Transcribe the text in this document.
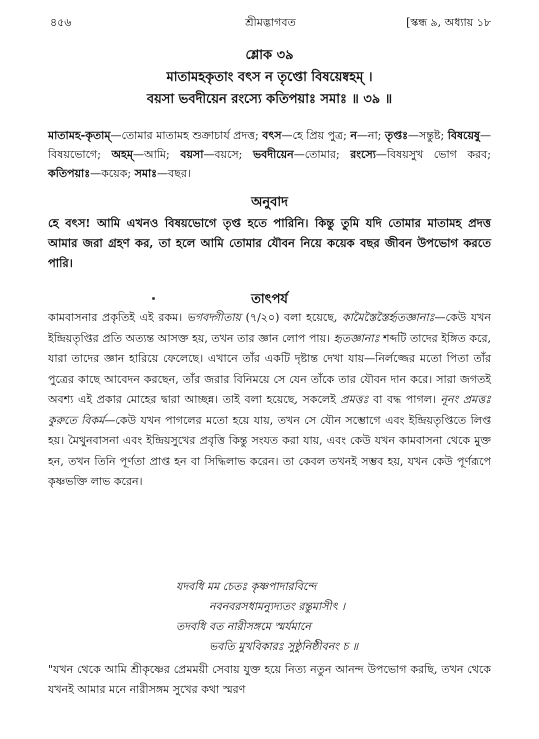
৪৫৬	শ্রীমদ্ভাগবত	[স্কন্ধ ৯, অধ্যায় ১৮
শ্লোক ৩৯
মাতামহকৃতাং বৎস ন তৃপ্তো বিষয়েষ্বহম্ ।
বয়সা ভবদীয়েন রংস্যে কতিপয়াঃ সমাঃ ॥ ৩৯ ॥
মাতামহ-কৃতাম্—তোমার মাতামহ শুক্রাচার্য প্রদত্ত; বৎস—হে প্রিয় পুত্র; ন—না; তৃপ্তঃ—সন্তুষ্ট; বিষয়েষু—বিষয়ভোগে; অহম্—আমি; বয়সা—বয়সে; ভবদীয়েন—তোমার; রংস্যে—বিষয়সুখ ভোগ করব; কতিপয়াঃ—কয়েক; সমাঃ—বছর।
অনুবাদ
হে বৎস! আমি এখনও বিষয়ভোগে তৃপ্ত হতে পারিনি। কিন্তু তুমি যদি তোমার মাতামহ প্রদত্ত আমার জরা গ্রহণ কর, তা হলে আমি তোমার যৌবন নিয়ে কয়েক বছর জীবন উপভোগ করতে পারি।
তাৎপর্য
কামবাসনার প্রকৃতিই এই রকম। ভগবদ্গীতায় (৭/২০) বলা হয়েছে, কামৈস্তৈস্তৈর্হৃতজ্ঞানাঃ—কেউ যখন ইন্দ্রিয়তৃপ্তির প্রতি অত্যন্ত আসক্ত হয়, তখন তার জ্ঞান লোপ পায়। হৃতজ্ঞানাঃ শব্দটি তাদের ইঙ্গিত করে, যারা তাদের জ্ঞান হারিয়ে ফেলেছে। এখানে তাঁর একটি দৃষ্টান্ত দেখা যায়—নির্লজ্জের মতো পিতা তাঁর পুত্রের কাছে আবেদন করছেন, তাঁর জরার বিনিময়ে সে যেন তাঁকে তার যৌবন দান করে। সারা জগতই অবশ্য এই প্রকার মোহের দ্বারা আচ্ছন্ন। তাই বলা হয়েছে, সকলেই প্রমত্তঃ বা বদ্ধ পাগল। নূনং প্রমত্তঃ কুরুতে বিকর্ম—কেউ যখন পাগলের মতো হয়ে যায়, তখন সে যৌন সম্ভোগে এবং ইন্দ্রিয়তৃপ্তিতে লিপ্ত হয়। মৈথুনবাসনা এবং ইন্দ্রিয়সুখের প্রবৃত্তি কিন্তু সংযত করা যায়, এবং কেউ যখন কামবাসনা থেকে মুক্ত হন, তখন তিনি পূর্ণতা প্রাপ্ত হন বা সিদ্ধিলাভ করেন। তা কেবল তখনই সম্ভব হয়, যখন কেউ পূর্ণরূপে কৃষ্ণভক্তি লাভ করেন।
যদবধি মম চেতঃ কৃষ্ণপাদারবিন্দে
নবনবরসধামন্যুদ্যতং রন্তুমাসীৎ ।
তদবধি বত নারীসঙ্গমে স্মর্যমানে
ভবতি মুখবিকারঃ সুষ্ঠুনিষ্ঠীবনং চ ॥
"যখন থেকে আমি শ্রীকৃষ্ণের প্রেমময়ী সেবায় যুক্ত হয়ে নিত্য নতুন আনন্দ উপভোগ করছি, তখন থেকে যখনই আমার মনে নারীসঙ্গম সুখের কথা স্মরণ
